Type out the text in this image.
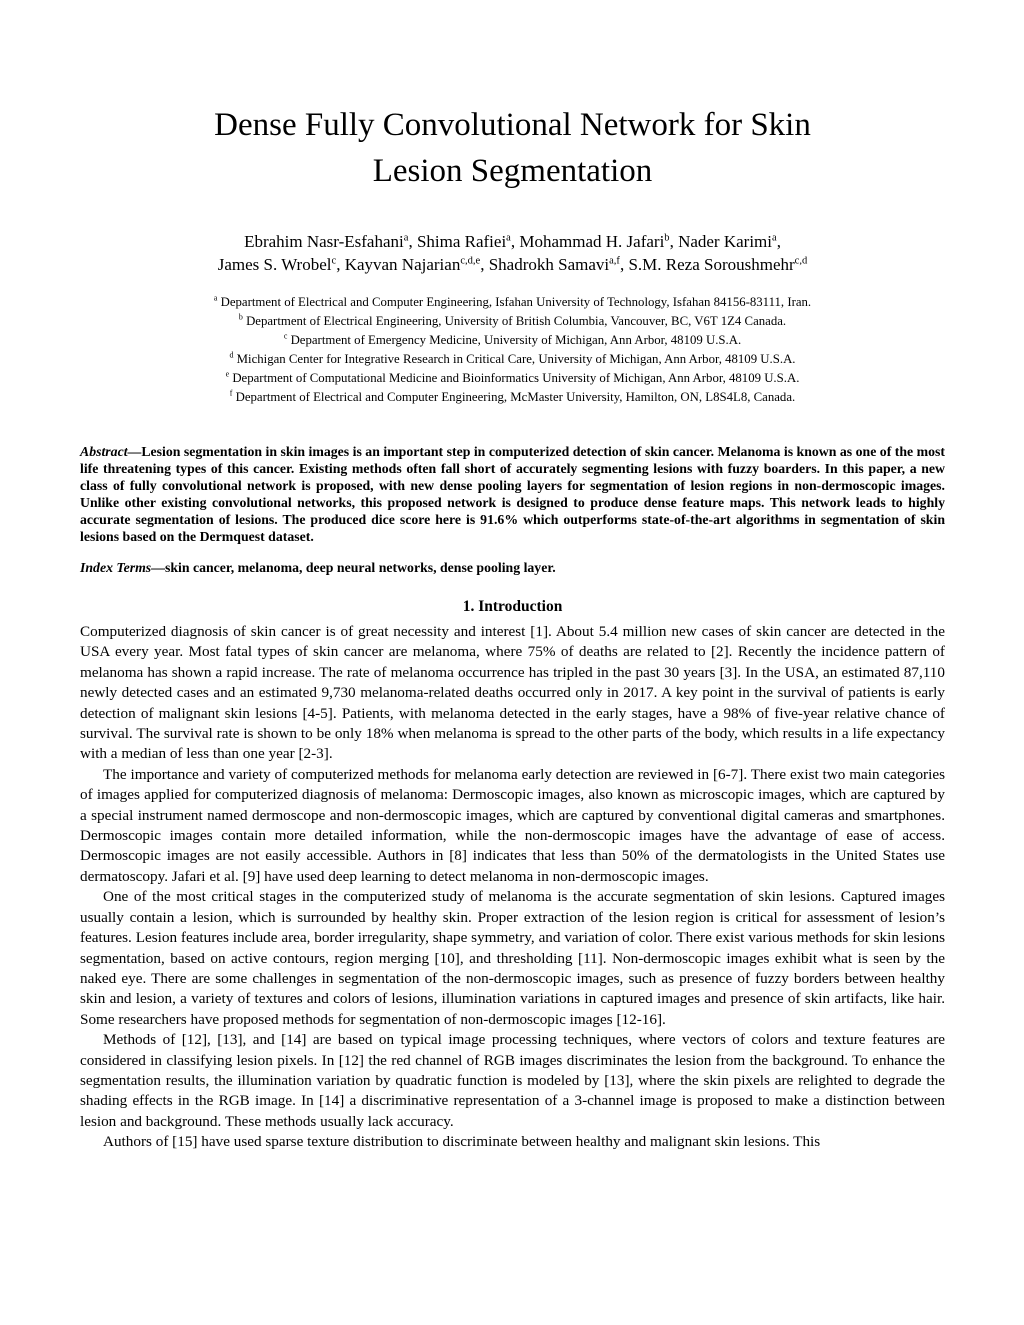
Dense Fully Convolutional Network for Skin
Lesion Segmentation
Ebrahim Nasr-Esfahani$^a$, Shima Rafiei$^a$, Mohammad H. Jafari$^b$, Nader Karimi$^a$,
James S. Wrobel$^c$, Kayvan Najarian$^{c,d,e}$, Shadrokh Samavi$^{a,f}$, S.M. Reza Soroushmehr$^{c,d}$
$^a$ Department of Electrical and Computer Engineering, Isfahan University of Technology, Isfahan 84156-83111, Iran.
$^b$ Department of Electrical Engineering, University of British Columbia, Vancouver, BC, V6T 1Z4 Canada.
$^c$ Department of Emergency Medicine, University of Michigan, Ann Arbor, 48109 U.S.A.
$^d$ Michigan Center for Integrative Research in Critical Care, University of Michigan, Ann Arbor, 48109 U.S.A.
$^e$ Department of Computational Medicine and Bioinformatics University of Michigan, Ann Arbor, 48109 U.S.A.
$^f$ Department of Electrical and Computer Engineering, McMaster University, Hamilton, ON, L8S4L8, Canada.

Abstract—Lesion segmentation in skin images is an important step in computerized detection of skin cancer. Melanoma is known as one of the most life threatening types of this cancer. Existing methods often fall short of accurately segmenting lesions with fuzzy boarders. In this paper, a new class of fully convolutional network is proposed, with new dense pooling layers for segmentation of lesion regions in non-dermoscopic images. Unlike other existing convolutional networks, this proposed network is designed to produce dense feature maps. This network leads to highly accurate segmentation of lesions. The produced dice score here is 91.6% which outperforms state-of-the-art algorithms in segmentation of skin lesions based on the Dermquest dataset.

Index Terms—skin cancer, melanoma, deep neural networks, dense pooling layer.

1. Introduction

Computerized diagnosis of skin cancer is of great necessity and interest [1]. About 5.4 million new cases of skin cancer are detected in the USA every year. Most fatal types of skin cancer are melanoma, where 75% of deaths are related to [2]. Recently the incidence pattern of melanoma has shown a rapid increase. The rate of melanoma occurrence has tripled in the past 30 years [3]. In the USA, an estimated 87,110 newly detected cases and an estimated 9,730 melanoma-related deaths occurred only in 2017. A key point in the survival of patients is early detection of malignant skin lesions [4-5]. Patients, with melanoma detected in the early stages, have a 98% of five-year relative chance of survival. The survival rate is shown to be only 18% when melanoma is spread to the other parts of the body, which results in a life expectancy with a median of less than one year [2-3].

The importance and variety of computerized methods for melanoma early detection are reviewed in [6-7]. There exist two main categories of images applied for computerized diagnosis of melanoma: Dermoscopic images, also known as microscopic images, which are captured by a special instrument named dermoscope and non-dermoscopic images, which are captured by conventional digital cameras and smartphones. Dermoscopic images contain more detailed information, while the non-dermoscopic images have the advantage of ease of access. Dermoscopic images are not easily accessible. Authors in [8] indicates that less than 50% of the dermatologists in the United States use dermatoscopy. Jafari et al. [9] have used deep learning to detect melanoma in non-dermoscopic images.

One of the most critical stages in the computerized study of melanoma is the accurate segmentation of skin lesions. Captured images usually contain a lesion, which is surrounded by healthy skin. Proper extraction of the lesion region is critical for assessment of lesion’s features. Lesion features include area, border irregularity, shape symmetry, and variation of color. There exist various methods for skin lesions segmentation, based on active contours, region merging [10], and thresholding [11]. Non-dermoscopic images exhibit what is seen by the naked eye. There are some challenges in segmentation of the non-dermoscopic images, such as presence of fuzzy borders between healthy skin and lesion, a variety of textures and colors of lesions, illumination variations in captured images and presence of skin artifacts, like hair. Some researchers have proposed methods for segmentation of non-dermoscopic images [12-16].

Methods of [12], [13], and [14] are based on typical image processing techniques, where vectors of colors and texture features are considered in classifying lesion pixels. In [12] the red channel of RGB images discriminates the lesion from the background. To enhance the segmentation results, the illumination variation by quadratic function is modeled by [13], where the skin pixels are relighted to degrade the shading effects in the RGB image. In [14] a discriminative representation of a 3-channel image is proposed to make a distinction between lesion and background. These methods usually lack accuracy.

Authors of [15] have used sparse texture distribution to discriminate between healthy and malignant skin lesions. This
